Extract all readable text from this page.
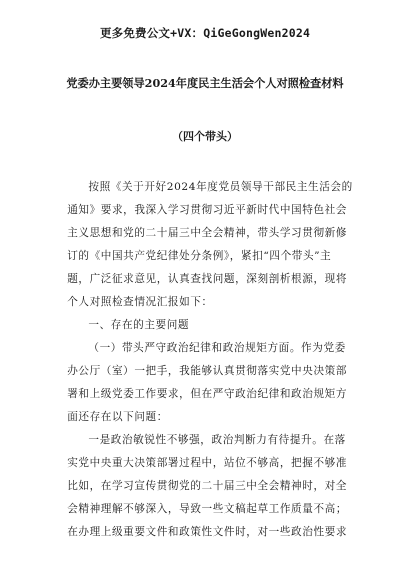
更多免费公文+VX：QiGeGongWen2024

党委办主要领导2024年度民主生活会个人对照检查材料

（四个带头）

按照《关于开好2024年度党员领导干部民主生活会的
通知》要求，我深入学习贯彻习近平新时代中国特色社会
主义思想和党的二十届三中全会精神，带头学习贯彻新修
订的《中国共产党纪律处分条例》，紧扣“四个带头”主
题，广泛征求意见，认真查找问题，深刻剖析根源，现将
个人对照检查情况汇报如下：

一、存在的主要问题

（一）带头严守政治纪律和政治规矩方面。作为党委
办公厅（室）一把手，我能够认真贯彻落实党中央决策部
署和上级党委工作要求，但在严守政治纪律和政治规矩方
面还存在以下问题：

一是政治敏锐性不够强，政治判断力有待提升。在落
实党中央重大决策部署过程中，站位不够高，把握不够准
比如，在学习宣传贯彻党的二十届三中全会精神时，对全
会精神理解不够深入，导致一些文稿起草工作质量不高；
在办理上级重要文件和政策性文件时，对一些政治性要求
